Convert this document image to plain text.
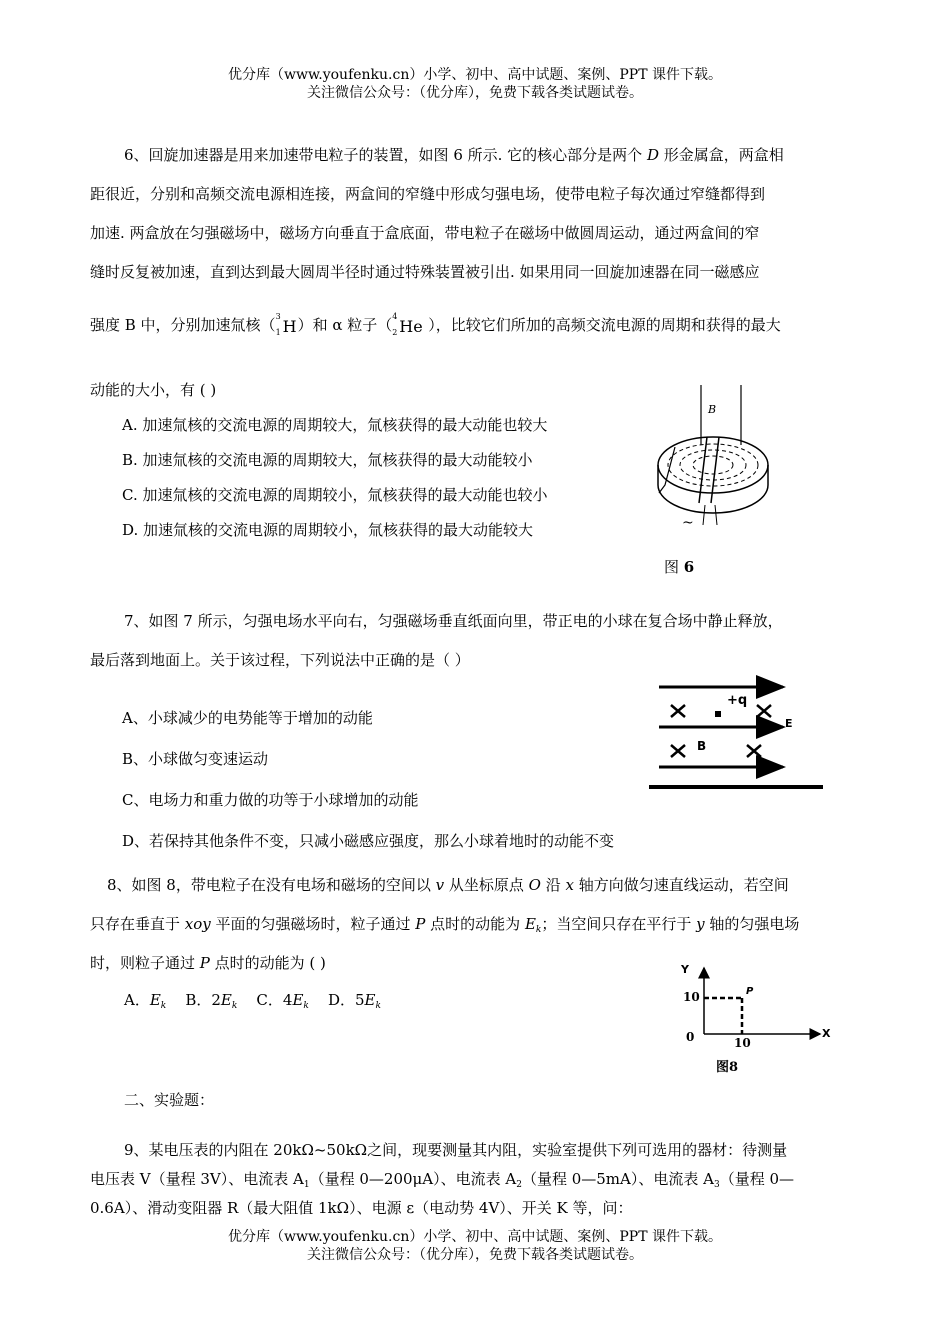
优分库（www.youfenku.cn）小学、初中、高中试题、案例、PPT 课件下载。
关注微信公众号：（优分库），免费下载各类试题试卷。
6、回旋加速器是用来加速带电粒子的装置，如图 6 所示. 它的核心部分是两个 D 形金属盒，两盒相
距很近，分别和高频交流电源相连接，两盒间的窄缝中形成匀强电场，使带电粒子每次通过窄缝都得到
加速. 两盒放在匀强磁场中，磁场方向垂直于盒底面，带电粒子在磁场中做圆周运动，通过两盒间的窄
缝时反复被加速，直到达到最大圆周半径时通过特殊装置被引出. 如果用同一回旋加速器在同一磁感应
强度 B 中，分别加速氚核（ 3
1 H ）和 α 粒子（ 4
2 He ），比较它们所加的高频交流电源的周期和获得的最大
动能的大小，有 ( )
A. 加速氚核的交流电源的周期较大，氚核获得的最大动能也较大
B. 加速氚核的交流电源的周期较大，氚核获得的最大动能较小
C. 加速氚核的交流电源的周期较小，氚核获得的最大动能也较小
D. 加速氚核的交流电源的周期较小，氚核获得的最大动能较大
B
~
图 6
7、如图 7 所示，匀强电场水平向右，匀强磁场垂直纸面向里，带正电的小球在复合场中静止释放，
最后落到地面上。关于该过程，下列说法中正确的是（ ）
A、小球减少的电势能等于增加的动能
B、小球做匀变速运动
C、电场力和重力做的功等于小球增加的动能
D、若保持其他条件不变，只减小磁感应强度，那么小球着地时的动能不变
+q
E
B
8、如图 8，带电粒子在没有电场和磁场的空间以 v 从坐标原点 O 沿 x 轴方向做匀速直线运动，若空间
只存在垂直于 xoy 平面的匀强磁场时，粒子通过 P 点时的动能为 $E_k$；当空间只存在平行于 y 轴的匀强电场
时，则粒子通过 P 点时的动能为 ( )
A．$E_k$ B．$2E_k$ C．$4E_k$ D．$5E_k$
Y
X
P
10
10
0
图8
二、实验题：
9、某电压表的内阻在 20kΩ~50kΩ之间，现要测量其内阻，实验室提供下列可选用的器材：待测量
电压表 V（量程 3V）、电流表 $A_1$（量程 0—200μA）、电流表 $A_2$（量程 0—5mA）、电流表 $A_3$（量程 0—
0.6A）、滑动变阻器 R（最大阻值 1kΩ）、电源 ε（电动势 4V）、开关 K 等，问：
优分库（www.youfenku.cn）小学、初中、高中试题、案例、PPT 课件下载。
关注微信公众号：（优分库），免费下载各类试题试卷。
